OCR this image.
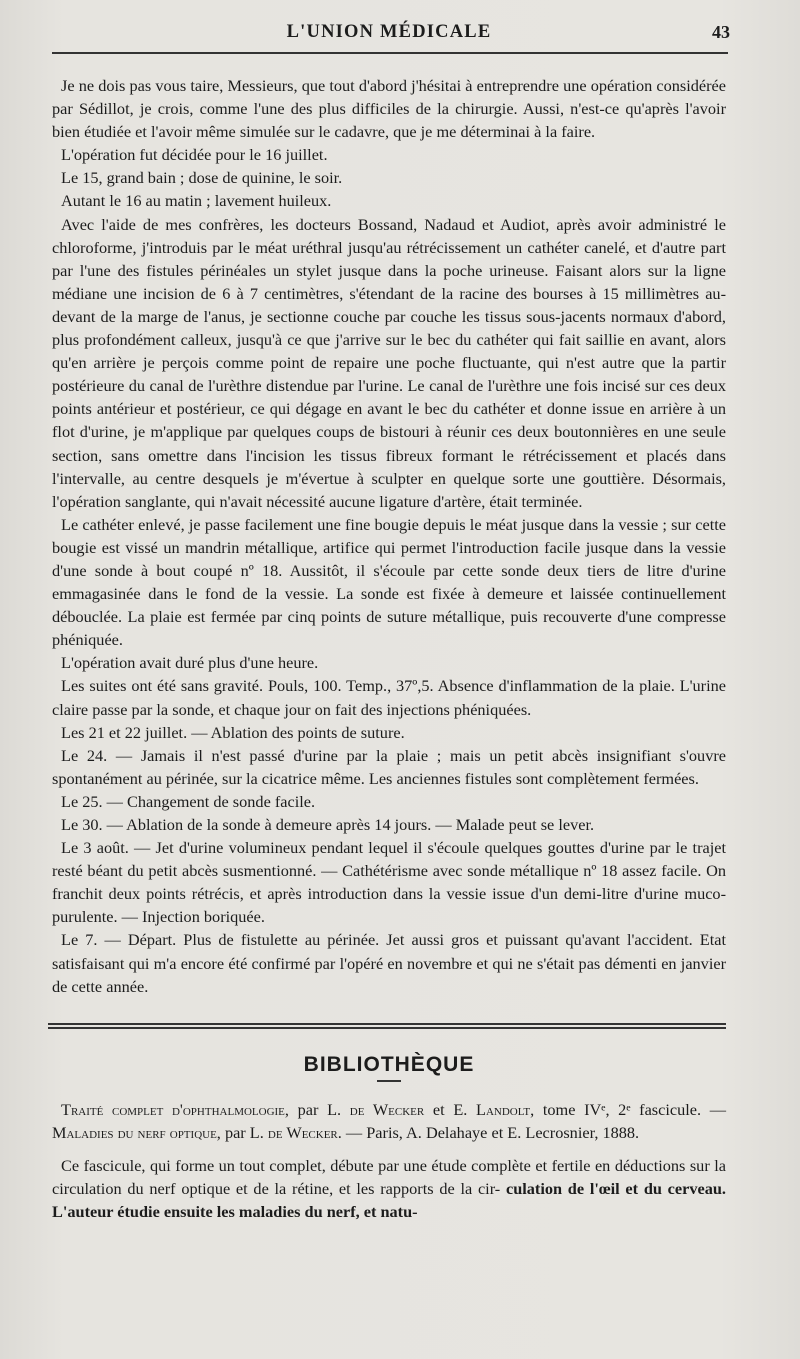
L'UNION MÉDICALE	43

Je ne dois pas vous taire, Messieurs, que tout d'abord j'hésitai à entreprendre une opération considérée par Sédillot, je crois, comme l'une des plus difficiles de la chirurgie. Aussi, n'est-ce qu'après l'avoir bien étudiée et l'avoir même simulée sur le cadavre, que je me déterminai à la faire.

L'opération fut décidée pour le 16 juillet.

Le 15, grand bain ; dose de quinine, le soir.

Autant le 16 au matin ; lavement huileux.

Avec l'aide de mes confrères, les docteurs Bossand, Nadaud et Audiot, après avoir administré le chloroforme, j'introduis par le méat uréthral jusqu'au rétrécissement un cathéter canelé, et d'autre part par l'une des fistules périnéales un stylet jusque dans la poche urineuse. Faisant alors sur la ligne médiane une incision de 6 à 7 centimètres, s'étendant de la racine des bourses à 15 millimètres au-devant de la marge de l'anus, je sectionne couche par couche les tissus sous-jacents normaux d'abord, plus profondément calleux, jusqu'à ce que j'arrive sur le bec du cathéter qui fait saillie en avant, alors qu'en arrière je perçois comme point de repaire une poche fluctuante, qui n'est autre que la partir postérieure du canal de l'urèthre distendue par l'urine. Le canal de l'urèthre une fois incisé sur ces deux points antérieur et postérieur, ce qui dégage en avant le bec du cathéter et donne issue en arrière à un flot d'urine, je m'applique par quelques coups de bistouri à réunir ces deux boutonnières en une seule section, sans omettre dans l'incision les tissus fibreux formant le rétrécissement et placés dans l'intervalle, au centre desquels je m'évertue à sculpter en quelque sorte une gouttière. Désormais, l'opération sanglante, qui n'avait nécessité aucune ligature d'artère, était terminée.

Le cathéter enlevé, je passe facilement une fine bougie depuis le méat jusque dans la vessie ; sur cette bougie est vissé un mandrin métallique, artifice qui permet l'introduction facile jusque dans la vessie d'une sonde à bout coupé nº 18. Aussitôt, il s'écoule par cette sonde deux tiers de litre d'urine emmagasinée dans le fond de la vessie. La sonde est fixée à demeure et laissée continuellement débouclée. La plaie est fermée par cinq points de suture métallique, puis recouverte d'une compresse phéniquée.

L'opération avait duré plus d'une heure.

Les suites ont été sans gravité. Pouls, 100. Temp., 37º,5. Absence d'inflammation de la plaie. L'urine claire passe par la sonde, et chaque jour on fait des injections phéniquées.

Les 21 et 22 juillet. — Ablation des points de suture.

Le 24. — Jamais il n'est passé d'urine par la plaie ; mais un petit abcès insignifiant s'ouvre spontanément au périnée, sur la cicatrice même. Les anciennes fistules sont complètement fermées.

Le 25. — Changement de sonde facile.

Le 30. — Ablation de la sonde à demeure après 14 jours. — Malade peut se lever.

Le 3 août. — Jet d'urine volumineux pendant lequel il s'écoule quelques gouttes d'urine par le trajet resté béant du petit abcès susmentionné. — Cathétérisme avec sonde métallique nº 18 assez facile. On franchit deux points rétrécis, et après introduction dans la vessie issue d'un demi-litre d'urine muco-purulente. — Injection boriquée.

Le 7. — Départ. Plus de fistulette au périnée. Jet aussi gros et puissant qu'avant l'accident. Etat satisfaisant qui m'a encore été confirmé par l'opéré en novembre et qui ne s'était pas démenti en janvier de cette année.

BIBLIOTHÈQUE

Traité complet d'ophthalmologie, par L. de Wecker et E. Landolt, tome IVᵉ, 2ᵉ fascicule. — Maladies du nerf optique, par L. de Wecker. — Paris, A. Delahaye et E. Lecrosnier, 1888.

Ce fascicule, qui forme un tout complet, débute par une étude complète et fertile en déductions sur la circulation du nerf optique et de la rétine, et les rapports de la cir- culation de l'œil et du cerveau. L'auteur étudie ensuite les maladies du nerf, et natu-
